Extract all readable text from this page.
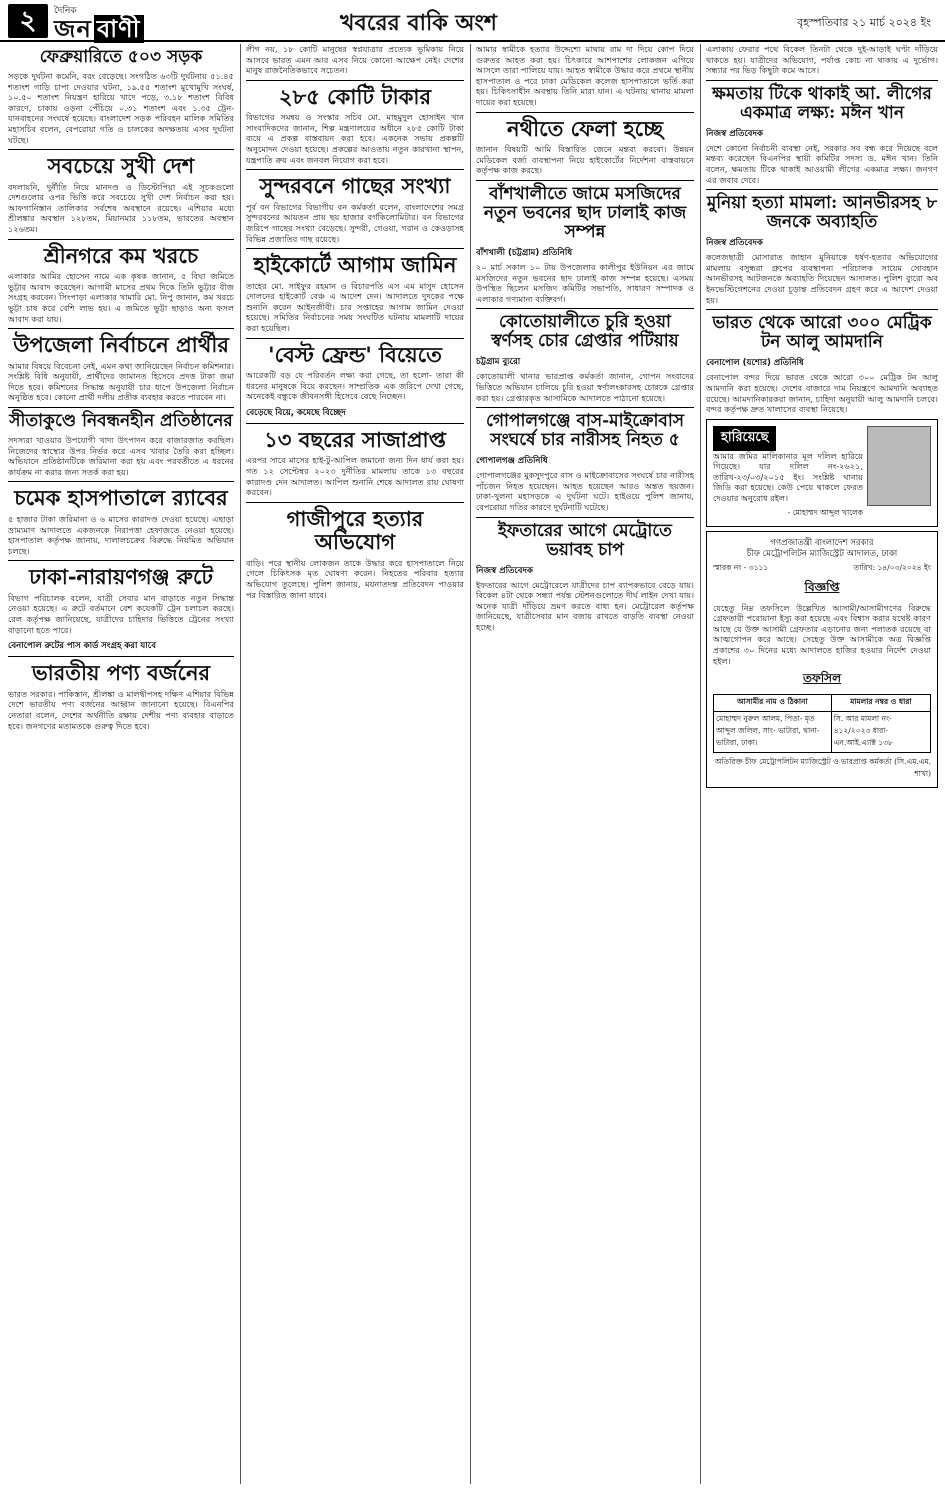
২	দৈনিক
জন বাণী	খবরের বাকি অংশ	বৃহস্পতিবার ২১ মার্চ ২০২৪ ইং
ফেব্রুয়ারিতে ৫০৩ সড়ক

সড়কে দুর্ঘটনা কমেনি, বরং বেড়েছে। সংগঠিত ৬৩টি দুর্ঘটনায় ৫১.৪৫ শতাংশ গাড়ি চাপা দেওয়ার ঘটনা, ১৯.৫৫ শতাংশ মুখোমুখি সংঘর্ষ, ১০.৫০ শতাংশ নিয়ন্ত্রণ হারিয়ে খাদে পড়ে, ৩.১৮ শতাংশ বিবিধ কারণে, চাকায় ওড়না পেঁচিয়ে ০.৩১ শতাংশ এবং ১.৩৫ ট্রেন-যানবাহনের সংঘর্ষে হয়েছে। বাংলাদেশ সড়ক পরিবহন মালিক সমিতির মহাসচিব বলেন, বেপরোয়া গতি ও চালকের অদক্ষতায় এসব দুর্ঘটনা ঘটছে।

সবচেয়ে সুখী দেশ

বদলায়নি, দুর্নীতি নিয়ে মানদণ্ড ও ডিস্টোপিয়া এই সূচকগুলো দেশগুলোর ওপর ভিত্তি করে সবচেয়ে সুখী দেশ নির্বাচন করা হয়। আফগানিস্তান তালিকার সর্বশেষ অবস্থানে রয়েছে। এশিয়ার মধ্যে শ্রীলঙ্কার অবস্থান ১২৮তম, মিয়ানমার ১১৮তম, ভারতের অবস্থান ১২৬তম।

শ্রীনগরে কম খরচে

এলাকার আমির হোসেন নামে এক কৃষক জানান, ৫ বিঘা জমিতে ভুট্টার আবাদ করেছেন। আগামী মাসের প্রথম দিকে তিনি ভুট্টার বীজ সংগ্রহ করবেন। সিংপাড়া এলাকার খামারি মো. নিপু জানান, কম খরচে ভুট্টা চাষ করে বেশি লাভ হয়। এ জমিতে ভুট্টা ছাড়াও অন্য ফসল আবাদ করা যায়।

উপজেলা নির্বাচনে প্রার্থীর

আমার বিষয়ে বিবেচনা নেই, এমন কথা জানিয়েছেন নির্বাচন কমিশনার। সংশ্লিষ্ট বিধি অনুযায়ী, প্রার্থীদের জামানত হিসেবে প্রদত্ত টাকা জমা দিতে হবে। কমিশনের সিদ্ধান্ত অনুযায়ী চার ধাপে উপজেলা নির্বাচন অনুষ্ঠিত হবে। কোনো প্রার্থী দলীয় প্রতীক ব্যবহার করতে পারবেন না।

সীতাকুণ্ডে নিবন্ধনহীন প্রতিষ্ঠানের

সদস্যরা খাওয়ার উপযোগী খাদ্য উৎপাদন করে বাজারজাত করছিল। নিজেদের স্বাস্থ্যের উপর নির্ভর করে এসব খাবার তৈরি করা হচ্ছিল। অভিযানে প্রতিষ্ঠানটিকে জরিমানা করা হয় এবং পরবর্তীতে এ ধরনের কার্যক্রম না করার জন্য সতর্ক করা হয়।

চমেক হাসপাতালে র‍্যাবের

৫ হাজার টাকা জরিমানা ও ৬ মাসের কারাদণ্ড দেওয়া হয়েছে। এছাড়া ভ্রাম্যমাণ আদালতে একজনকে নিরাপত্তা হেফাজতে নেওয়া হয়েছে। হাসপাতাল কর্তৃপক্ষ জানায়, দালালচক্রের বিরুদ্ধে নিয়মিত অভিযান চলছে।

ঢাকা-নারায়ণগঞ্জ রুটে

বিভাগ পরিচালক বলেন, যাত্রী সেবার মান বাড়াতে নতুন সিদ্ধান্ত নেওয়া হয়েছে। এ রুটে বর্তমানে বেশ কয়েকটি ট্রেন চলাচল করছে। রেল কর্তৃপক্ষ জানিয়েছে, যাত্রীদের চাহিদার ভিত্তিতে ট্রেনের সংখ্যা বাড়ানো হতে পারে।

বেনাপোল রুটের পাস কার্ড সংগ্রহ করা যাবে
ভারতীয় পণ্য বর্জনের

ভারত সরকার। পাকিস্তান, শ্রীলঙ্কা ও মালদ্বীপসহ দক্ষিণ এশিয়ার বিভিন্ন দেশে ভারতীয় পণ্য বর্জনের আহ্বান জানানো হয়েছে। বিএনপির নেতারা বলেন, দেশের অর্থনীতি রক্ষায় দেশীয় পণ্য ব্যবহার বাড়াতে হবে। জনগণের মতামতকে গুরুত্ব দিতে হবে।

লীগ নয়, ১৮ কোটি মানুষের স্বপ্নযাত্রার প্রত্যেক ভূমিকায় নিয়ে আসবে ভারত এমন আর এসব নিয়ে কোনো আক্ষেপ নেই। দেশের মানুষ রাজনৈতিকভাবে সচেতন।

২৮৫ কোটি টাকার

বিভাগের সমন্বয় ও সংস্কার সচিব মো. মাহমুদুল হোসাইন খান সাংবাদিকদের জানান, শিল্প মন্ত্রণালয়ের অধীনে ২৮৫ কোটি টাকা ব্যয়ে এ প্রকল্প বাস্তবায়ন করা হবে। একনেক সভায় প্রকল্পটি অনুমোদন দেওয়া হয়েছে। প্রকল্পের আওতায় নতুন কারখানা স্থাপন, যন্ত্রপাতি ক্রয় এবং জনবল নিয়োগ করা হবে।

সুন্দরবনে গাছের সংখ্যা

পূর্ব বন বিভাগের বিভাগীয় বন কর্মকর্তা বলেন, বাংলাদেশের সমগ্র সুন্দরবনের আয়তন প্রায় ছয় হাজার বর্গকিলোমিটার। বন বিভাগের জরিপে গাছের সংখ্যা বেড়েছে। সুন্দরী, গেওয়া, গরান ও কেওড়াসহ বিভিন্ন প্রজাতির গাছ রয়েছে।

হাইকোর্টে আগাম জামিন

তাহের মো. সাইফুর রহমান ও বিচারপতি এস এম মাসুদ হোসেন দোলনের হাইকোর্ট বেঞ্চ এ আদেশ দেন। আদালতে দুদকের পক্ষে শুনানি করেন আইনজীবী। চার সপ্তাহের আগাম জামিন দেওয়া হয়েছে। সমিতির নির্বাচনের সময় সংঘটিত ঘটনায় মামলাটি দায়ের করা হয়েছিল।

'বেস্ট ফ্রেন্ড' বিয়েতে

আরেকটি বড় যে পরিবর্তন লক্ষ্য করা গেছে, তা হলো- তারা কী ধরনের মানুষকে বিয়ে করছেন। সাম্প্রতিক এক জরিপে দেখা গেছে, অনেকেই বন্ধুকে জীবনসঙ্গী হিসেবে বেছে নিচ্ছেন।

বেড়েছে বিয়ে, কমেছে বিচ্ছেদ
১৩ বছরের সাজাপ্রাপ্ত

এরপর সাবে মাসের হাই-টু-আপিল জমানো জন্য দিন ধার্য করা হয়। গত ১২ সেপ্টেম্বর ২০২৩ দুর্নীতির মামলায় তাকে ১৩ বছরের কারাদণ্ড দেন আদালত। আপিল শুনানি শেষে আদালত রায় ঘোষণা করবেন।

গাজীপুরে হত্যার অভিযোগ

বাড়ি। পরে স্থানীয় লোকজন তাকে উদ্ধার করে হাসপাতালে নিয়ে গেলে চিকিৎসক মৃত ঘোষণা করেন। নিহতের পরিবার হত্যার অভিযোগ তুলেছে। পুলিশ জানায়, ময়নাতদন্ত প্রতিবেদন পাওয়ার পর বিস্তারিত জানা যাবে।

আমার স্বামীকে হত্যার উদ্দেশ্যে মাথায় রাম দা দিয়ে কোপ দিয়ে গুরুতর আহত করা হয়। চিৎকারে আশপাশের লোকজন এগিয়ে আসলে তারা পালিয়ে যায়। আহত স্বামীকে উদ্ধার করে প্রথমে স্থানীয় হাসপাতাল ও পরে ঢাকা মেডিকেল কলেজ হাসপাতালে ভর্তি করা হয়। চিকিৎসাধীন অবস্থায় তিনি মারা যান। এ ঘটনায় থানায় মামলা দায়ের করা হয়েছে।

নথীতে ফেলা হচ্ছে

জানান বিষয়টি আমি বিস্তারিত জেনে মন্তব্য করবো। উন্নয়ন মেডিকেল বর্জ্য ব্যবস্থাপনা নিয়ে হাইকোর্টের নির্দেশনা বাস্তবায়নে কর্তৃপক্ষ কাজ করছে।

বাঁশখালীতে জামে মসজিদের নতুন ভবনের ছাদ ঢালাই কাজ সম্পন্ন
বাঁশখালী (চট্টগ্রাম) প্রতিনিধি

২০ মার্চ সকাল ১০ টায় উপজেলার কালীপুর ইউনিয়ন এর জামে মসজিদের নতুন ভবনের ছাদ ঢালাই কাজ সম্পন্ন হয়েছে। এসময় উপস্থিত ছিলেন মসজিদ কমিটির সভাপতি, সাধারণ সম্পাদক ও এলাকার গণ্যমান্য ব্যক্তিবর্গ।

কোতোয়ালীতে চুরি হওয়া স্বর্ণসহ চোর গ্রেপ্তার পটিয়ায়
চট্টগ্রাম ব্যুরো

কোতোয়ালী থানার ভারপ্রাপ্ত কর্মকর্তা জানান, গোপন সংবাদের ভিত্তিতে অভিযান চালিয়ে চুরি হওয়া স্বর্ণালংকারসহ চোরকে গ্রেপ্তার করা হয়। গ্রেপ্তারকৃত আসামিকে আদালতে পাঠানো হয়েছে।

গোপালগঞ্জে বাস-মাইক্রোবাস সংঘর্ষে চার নারীসহ নিহত ৫
গোপালগঞ্জ প্রতিনিধি

গোপালগঞ্জের মুকসুদপুরে বাস ও মাইক্রোবাসের সংঘর্ষে চার নারীসহ পাঁচজন নিহত হয়েছেন। আহত হয়েছেন আরও অন্তত ছয়জন। ঢাকা-খুলনা মহাসড়কে এ দুর্ঘটনা ঘটে। হাইওয়ে পুলিশ জানায়, বেপরোয়া গতির কারণে দুর্ঘটনাটি ঘটেছে।

ইফতারের আগে মেট্রোতে ভয়াবহ চাপ
নিজস্ব প্রতিবেদক

ইফতারের আগে মেট্রোরেলে যাত্রীদের চাপ ব্যাপকভাবে বেড়ে যায়। বিকেল ৪টা থেকে সন্ধ্যা পর্যন্ত স্টেশনগুলোতে দীর্ঘ লাইন দেখা যায়। অনেক যাত্রী দাঁড়িয়ে ভ্রমণ করতে বাধ্য হন। মেট্রোরেল কর্তৃপক্ষ জানিয়েছে, যাত্রীসেবার মান বজায় রাখতে বাড়তি ব্যবস্থা নেওয়া হচ্ছে।

এলাকায় ফেরার পথে বিকেল তিনটা থেকে দুই-আড়াই ঘণ্টা দাঁড়িয়ে থাকতে হয়। যাত্রীদের অভিযোগ, পর্যাপ্ত কোচ না থাকায় এ দুর্ভোগ। সন্ধ্যার পর ভিড় কিছুটা কমে আসে।

ক্ষমতায় টিকে থাকাই আ. লীগের একমাত্র লক্ষ্য: মঈন খান
নিজস্ব প্রতিবেদক

দেশে কোনো নির্বাচনী ব্যবস্থা নেই, সরকার সব বন্ধ করে দিয়েছে বলে মন্তব্য করেছেন বিএনপির স্থায়ী কমিটির সদস্য ড. মঈন খান। তিনি বলেন, ক্ষমতায় টিকে থাকাই আওয়ামী লীগের একমাত্র লক্ষ্য। জনগণ এর জবাব দেবে।

মুনিয়া হত্যা মামলা: আনভীরসহ ৮ জনকে অব্যাহতি
নিজস্ব প্রতিবেদক

কলেজছাত্রী মোসারাত জাহান মুনিয়াকে ধর্ষণ-হত্যার অভিযোগের মামলায় বসুন্ধরা গ্রুপের ব্যবস্থাপনা পরিচালক সায়েম সোবহান আনভীরসহ আটজনকে অব্যাহতি দিয়েছেন আদালত। পুলিশ ব্যুরো অব ইনভেস্টিগেশনের দেওয়া চূড়ান্ত প্রতিবেদন গ্রহণ করে এ আদেশ দেওয়া হয়।

ভারত থেকে আরো ৩০০ মেট্রিক টন আলু আমদানি
বেনাপোল (যশোর) প্রতিনিধি

বেনাপোল বন্দর দিয়ে ভারত থেকে আরো ৩০০ মেট্রিক টন আলু আমদানি করা হয়েছে। দেশের বাজারে দাম নিয়ন্ত্রণে আমদানি অব্যাহত রয়েছে। আমদানিকারকরা জানান, চাহিদা অনুযায়ী আলু আমদানি চলবে। বন্দর কর্তৃপক্ষ দ্রুত খালাসের ব্যবস্থা নিয়েছে।

হারিয়েছে

আমার জমির মালিকানার মূল দলিল হারিয়ে গিয়েছে। যার দলিল নং-২৬২১, তারিখ-২৩/০৩/২০১৫ ইং। সংশ্লিষ্ট থানায় জিডি করা হয়েছে। কেউ পেয়ে থাকলে ফেরত দেওয়ার অনুরোধ রইল।

- মোহাম্মদ আব্দুল খালেক
গণপ্রজাতন্ত্রী বাংলাদেশ সরকার
চীফ মেট্রোপলিটন ম্যাজিস্ট্রেট আদালত, ঢাকা
স্মারক নং - ৩১১১	তারিখ: ১৪/০৩/২০২৪ ইং
বিজ্ঞপ্তি

যেহেতু নিম্ন তফসিলে উল্লেখিত আসামী/আসামীগণের বিরুদ্ধে গ্রেফতারী পরোয়ানা ইস্যু করা হয়েছে এবং বিশ্বাস করার যথেষ্ট কারণ আছে যে উক্ত আসামী গ্রেফতার এড়ানোর জন্য পলাতক রয়েছে বা আত্মগোপন করে আছে। সেহেতু উক্ত আসামীকে অত্র বিজ্ঞপ্তি প্রকাশের ৩০ দিনের মধ্যে আদালতে হাজির হওয়ার নির্দেশ দেওয়া হইল।

তফসিল
আসামীর নাম ও ঠিকানা	মামলার নম্বর ও ধারা
মোহাম্মদ নুরুল আলম, পিতা- মৃত আব্দুল জলিল, সাং- ভাটারা, থানা- ভাটারা, ঢাকা।	সি. আর মামলা নং- ৪১২/২০২৩ ধারা- এন.আই.এ্যাক্ট ১৩৮
অতিরিক্ত চীফ মেট্রোপলিটন ম্যাজিস্ট্রেট ও ভারপ্রাপ্ত কর্মকর্তা (সি.এম.এম. শাখা)
